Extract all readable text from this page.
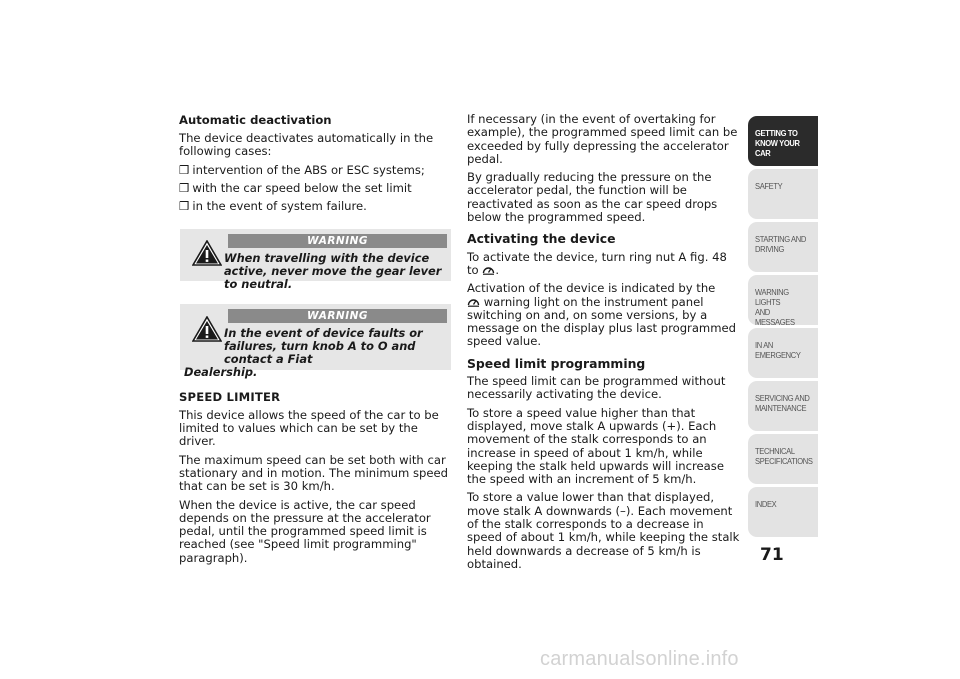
Automatic deactivation

The device deactivates automatically in the following cases:

❒ intervention of the ABS or ESC systems;
❒ with the car speed below the set limit
❒ in the event of system failure.
WARNING
When travelling with the device active, never move the gear lever to neutral.
WARNING
In the event of device faults or failures, turn knob A to O and contact a Fiat
Dealership.
SPEED LIMITER

This device allows the speed of the car to be limited to values which can be set by the driver.

The maximum speed can be set both with car stationary and in motion. The minimum speed that can be set is 30 km/h.

When the device is active, the car speed depends on the pressure at the accelerator pedal, until the programmed speed limit is reached (see "Speed limit programming" paragraph).

If necessary (in the event of overtaking for example), the programmed speed limit can be exceeded by fully depressing the accelerator pedal.

By gradually reducing the pressure on the accelerator pedal, the function will be reactivated as soon as the car speed drops below the programmed speed.

Activating the device

To activate the device, turn ring nut A fig. 48 to .

Activation of the device is indicated by the
warning light on the instrument panel switching on and, on some versions, by a message on the display plus last programmed speed value.

Speed limit programming

The speed limit can be programmed without necessarily activating the device.

To store a speed value higher than that displayed, move stalk A upwards (+). Each movement of the stalk corresponds to an increase in speed of about 1 km/h, while keeping the stalk held upwards will increase the speed with an increment of 5 km/h.

To store a value lower than that displayed, move stalk A downwards (–). Each movement of the stalk corresponds to a decrease in speed of about 1 km/h, while keeping the stalk held downwards a decrease of 5 km/h is obtained.

GETTING TO
KNOW YOUR CAR
SAFETY
STARTING AND
DRIVING
WARNING LIGHTS
AND MESSAGES
IN AN EMERGENCY
SERVICING AND
MAINTENANCE
TECHNICAL
SPECIFICATIONS
INDEX
71
carmanualsonline.info
